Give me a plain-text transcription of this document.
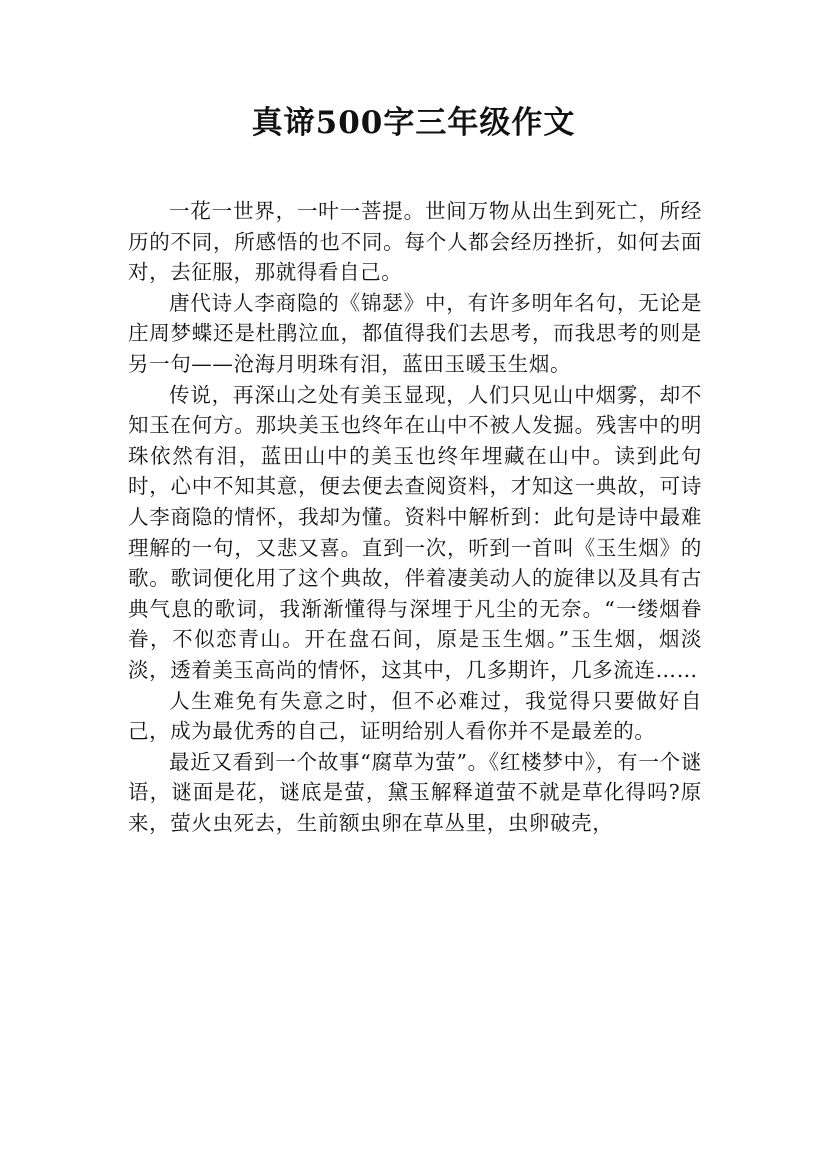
真谛500字三年级作文

一花一世界，一叶一菩提。世间万物从出生到死亡，所经历的不同，所感悟的也不同。每个人都会经历挫折，如何去面对，去征服，那就得看自己。

唐代诗人李商隐的《锦瑟》中，有许多明年名句，无论是庄周梦蝶还是杜鹃泣血，都值得我们去思考，而我思考的则是另一句——沧海月明珠有泪，蓝田玉暖玉生烟。

传说，再深山之处有美玉显现，人们只见山中烟雾，却不知玉在何方。那块美玉也终年在山中不被人发掘。残害中的明珠依然有泪，蓝田山中的美玉也终年埋藏在山中。读到此句时，心中不知其意，便去便去查阅资料，才知这一典故，可诗人李商隐的情怀，我却为懂。资料中解析到：此句是诗中最难理解的一句，又悲又喜。直到一次，听到一首叫《玉生烟》的歌。歌词便化用了这个典故，伴着凄美动人的旋律以及具有古典气息的歌词，我渐渐懂得与深埋于凡尘的无奈。“一缕烟眷眷，不似恋青山。开在盘石间，原是玉生烟。”玉生烟，烟淡淡，透着美玉高尚的情怀，这其中，几多期许，几多流连……

人生难免有失意之时，但不必难过，我觉得只要做好自己，成为最优秀的自己，证明给别人看你并不是最差的。

最近又看到一个故事“腐草为萤”。《红楼梦中》，有一个谜语，谜面是花，谜底是萤，黛玉解释道萤不就是草化得吗?原来，萤火虫死去，生前额虫卵在草丛里，虫卵破壳，
